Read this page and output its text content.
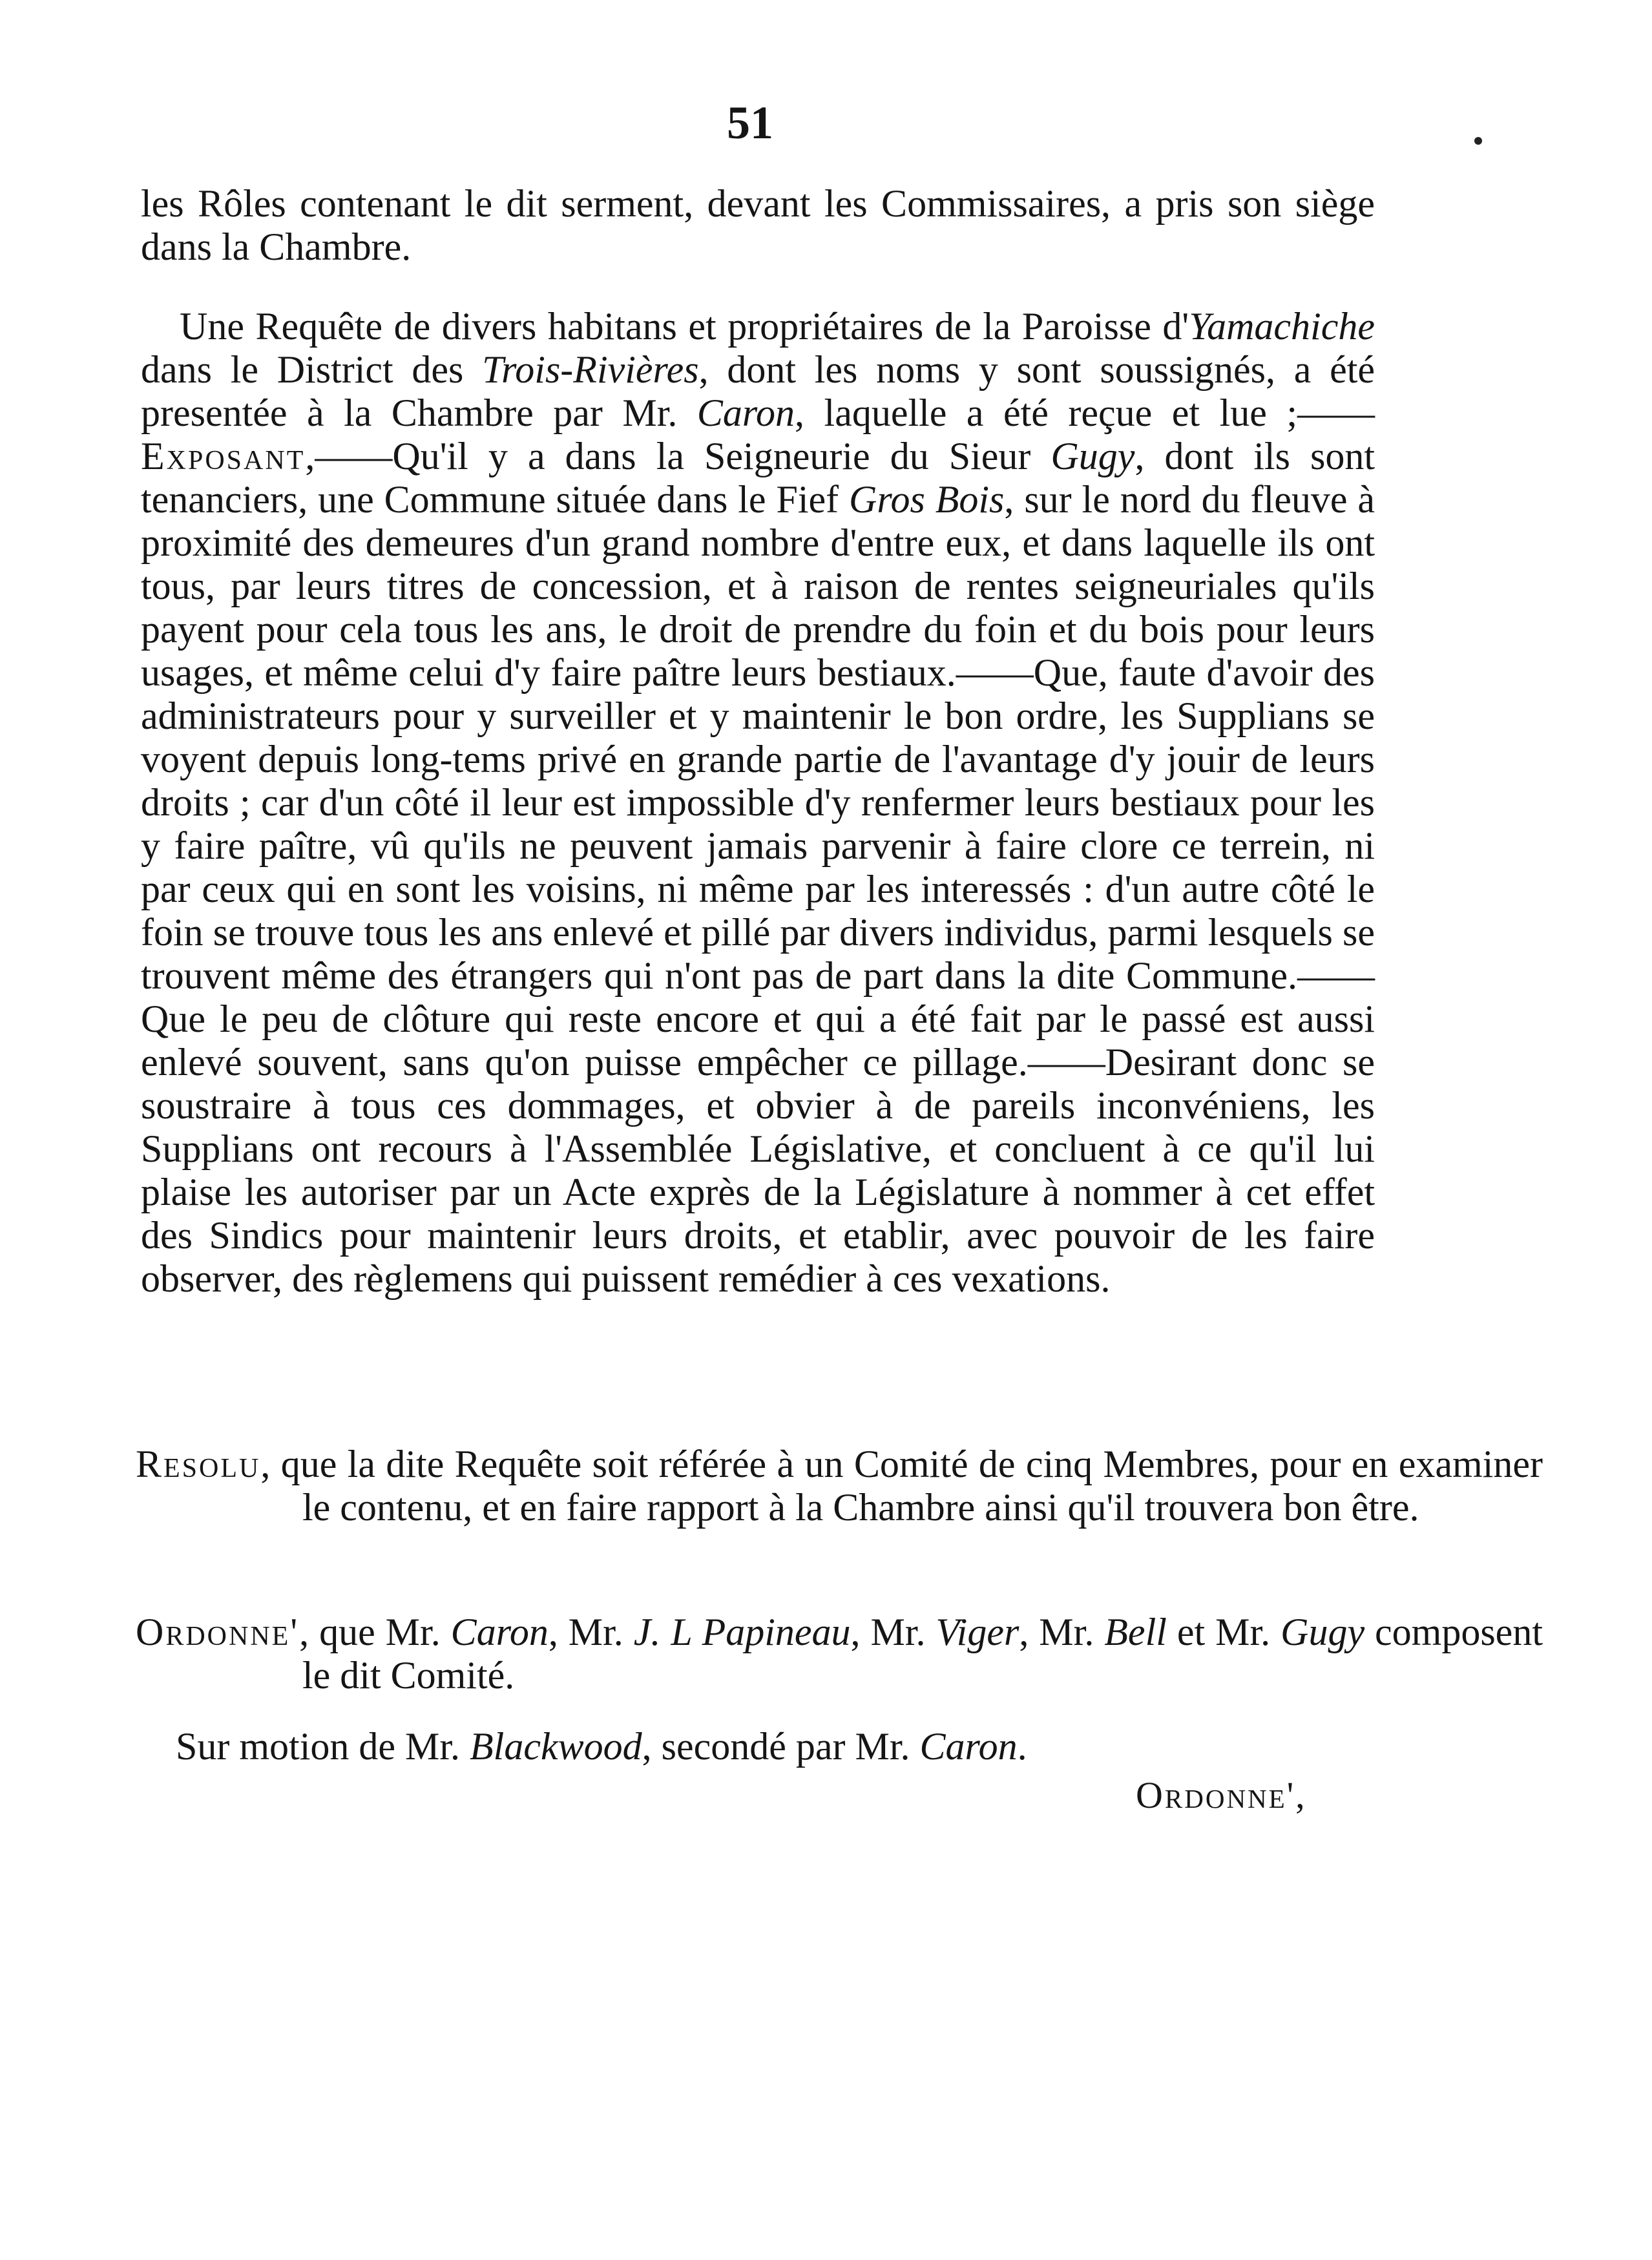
51

les Rôles contenant le dit serment, devant les Commissaires, a pris son siège dans la Chambre.

Une Requête de divers habitans et propriétaires de la Paroisse d'Yamachiche dans le District des Trois-Rivières, dont les noms y sont soussignés, a été presentée à la Chambre par Mr. Caron, laquelle a été reçue et lue ;——Exposant,——Qu'il y a dans la Seigneurie du Sieur Gugy, dont ils sont tenanciers, une Commune située dans le Fief Gros Bois, sur le nord du fleuve à proximité des demeures d'un grand nombre d'entre eux, et dans laquelle ils ont tous, par leurs titres de concession, et à raison de rentes seigneuriales qu'ils payent pour cela tous les ans, le droit de prendre du foin et du bois pour leurs usages, et même celui d'y faire paître leurs bestiaux.——Que, faute d'avoir des administrateurs pour y surveiller et y maintenir le bon ordre, les Supplians se voyent depuis long-tems privé en grande partie de l'avantage d'y jouir de leurs droits ; car d'un côté il leur est impossible d'y renfermer leurs bestiaux pour les y faire paître, vû qu'ils ne peuvent jamais parvenir à faire clore ce terrein, ni par ceux qui en sont les voisins, ni même par les interessés : d'un autre côté le foin se trouve tous les ans enlevé et pillé par divers individus, parmi lesquels se trouvent même des étrangers qui n'ont pas de part dans la dite Commune.——Que le peu de clôture qui reste encore et qui a été fait par le passé est aussi enlevé souvent, sans qu'on puisse empêcher ce pillage.——Desirant donc se soustraire à tous ces dommages, et obvier à de pareils inconvéniens, les Supplians ont recours à l'Assemblée Législative, et concluent à ce qu'il lui plaise les autoriser par un Acte exprès de la Législature à nommer à cet effet des Sindics pour maintenir leurs droits, et etablir, avec pouvoir de les faire observer, des règlemens qui puissent remédier à ces vexations.

Resolu, que la dite Requête soit référée à un Comité de cinq Membres, pour en examiner le contenu, et en faire rapport à la Chambre ainsi qu'il trouvera bon être.

Ordonne', que Mr. Caron, Mr. J. L Papineau, Mr. Viger, Mr. Bell et Mr. Gugy composent le dit Comité.

Sur motion de Mr. Blackwood, secondé par Mr. Caron.

Ordonne',
